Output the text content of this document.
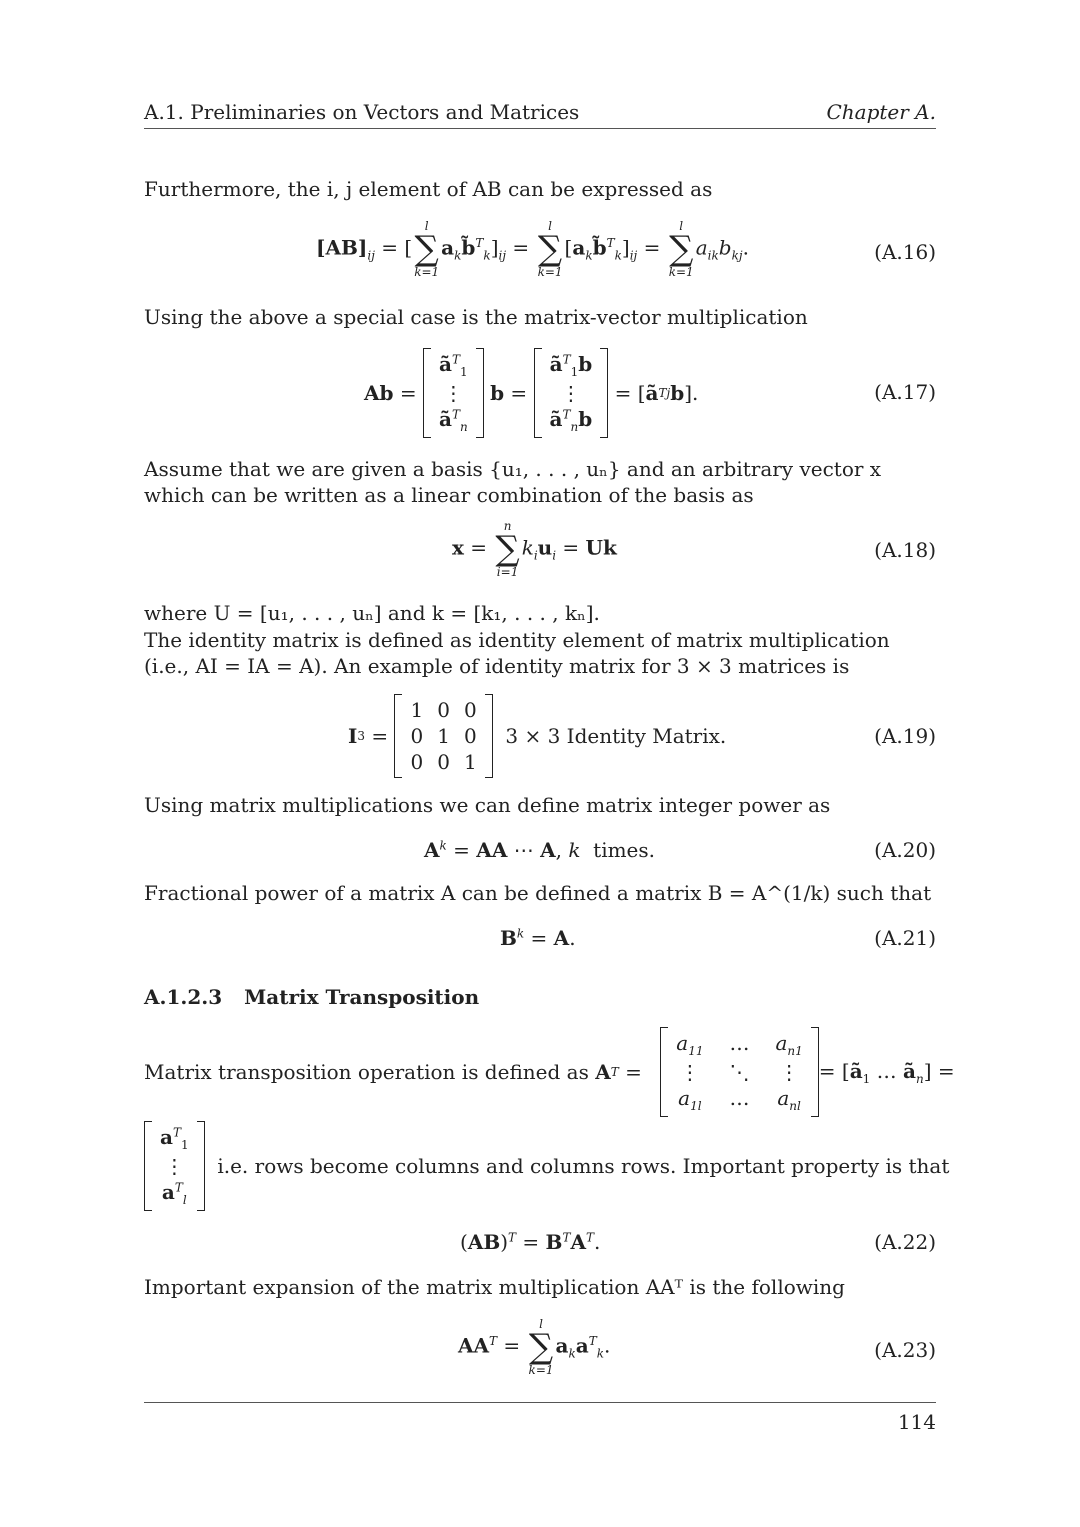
A.1. Preliminaries on Vectors and Matrices	Chapter A.
Furthermore, the i, j element of AB can be expressed as
$[AB]_{ij}$ = [
l
∑
k=1
$a_kb̃^T_k]_{ij}$ =
l
∑
k=1
$[a_kb̃^T_k]_{ij}$ =
l
∑
k=1
$a_{ik}b_{kj}$.	(A.16)
Using the above a special case is the matrix-vector multiplication
Ab =
$ã^T_1$
⋮
$ã^T_n$

b =
$ã^T_1b$
⋮
$ã^T_nb$
= [ ã T j b ].	(A.17)
Assume that we are given a basis {u₁, . . . , uₙ} and an arbitrary vector x which can be written as a linear combination of the basis as
x =
n
∑
i=1
$k_iu_i = Uk$	(A.18)
where U = [u₁, . . . , uₙ] and k = [k₁, . . . , kₙ].
The identity matrix is defined as identity element of matrix multiplication (i.e., AI = IA = A). An example of identity matrix for 3 × 3 matrices is
I 3 =
1 0 0
0 1 0
0 0 1

3 × 3 Identity Matrix.	(A.19)
Using matrix multiplications we can define matrix integer power as
$A^k$ = AA ⋯ A, k times.	(A.20)
Fractional power of a matrix A can be defined a matrix B = A^(1/k) such that
$B^k = A$.	(A.21)
A.1.2.3 Matrix Transposition
Matrix transposition operation is defined as
A T =
$a_{11}$ … $a_{n1}$
⋮ ⋱ ⋮
$a_{1l}$ … $a_{nl}$
= [$ã_1$ … $ã_n$] =
$a^T_1$
⋮
$a^T_l$

i.e. rows become columns and columns rows. Important property is that
$(AB)^T = B^TA^T$.	(A.22)
Important expansion of the matrix multiplication AAᵀ is the following
$AA^T$ =
l
∑
k=1
$a_ka^T_k$.	(A.23)
114
